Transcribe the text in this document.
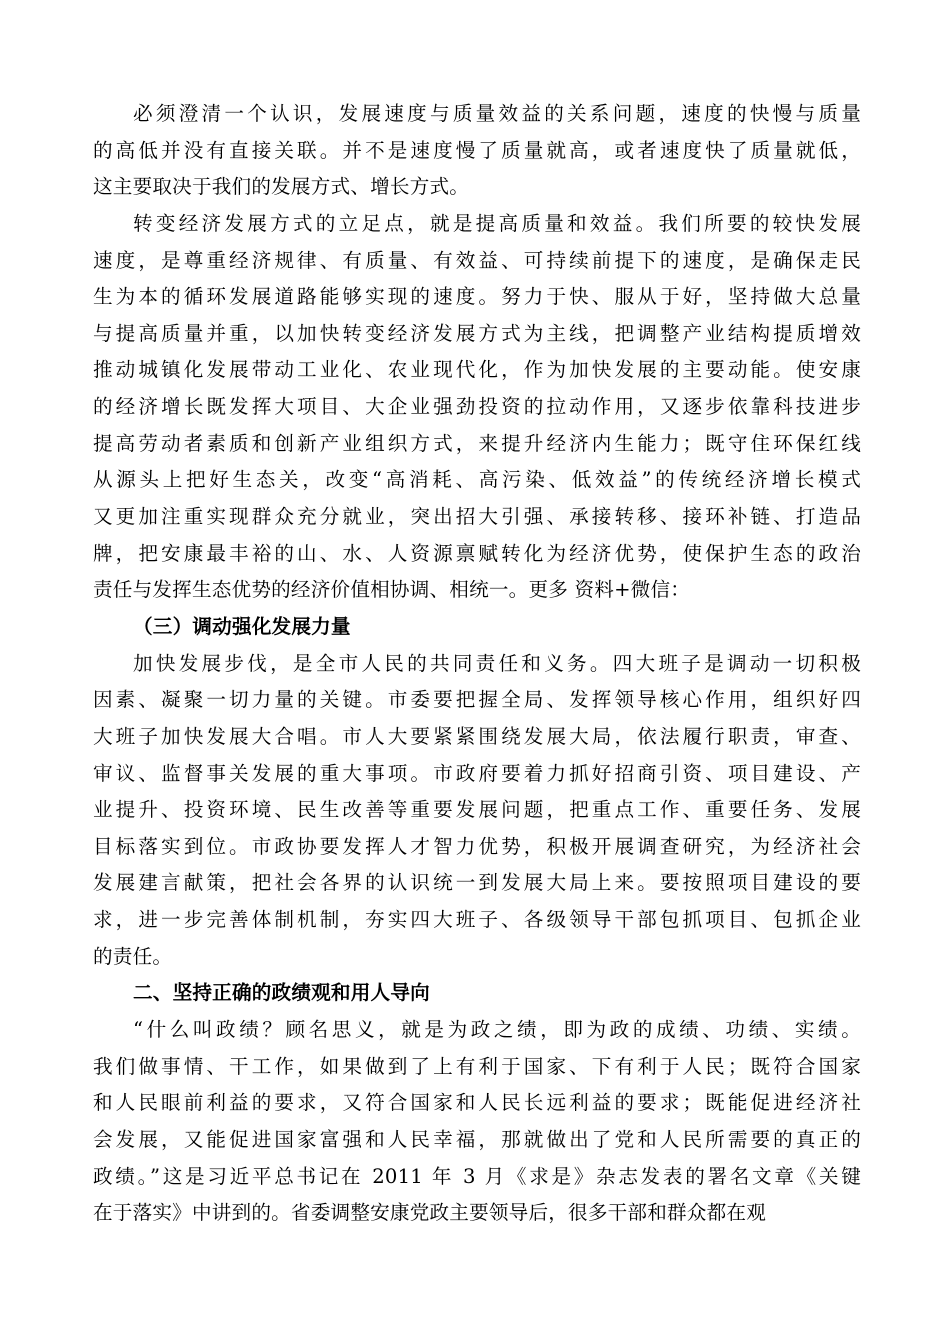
必须澄清一个认识，发展速度与质量效益的关系问题，速度的快慢与质量
的高低并没有直接关联。并不是速度慢了质量就高，或者速度快了质量就低，
这主要取决于我们的发展方式、增长方式。
转变经济发展方式的立足点，就是提高质量和效益。我们所要的较快发展
速度，是尊重经济规律、有质量、有效益、可持续前提下的速度，是确保走民
生为本的循环发展道路能够实现的速度。努力于快、服从于好，坚持做大总量
与提高质量并重，以加快转变经济发展方式为主线，把调整产业结构提质增效
推动城镇化发展带动工业化、农业现代化，作为加快发展的主要动能。使安康
的经济增长既发挥大项目、大企业强劲投资的拉动作用，又逐步依靠科技进步
提高劳动者素质和创新产业组织方式，来提升经济内生能力；既守住环保红线
从源头上把好生态关，改变“高消耗、高污染、低效益”的传统经济增长模式
又更加注重实现群众充分就业，突出招大引强、承接转移、接环补链、打造品
牌，把安康最丰裕的山、水、人资源禀赋转化为经济优势，使保护生态的政治
责任与发挥生态优势的经济价值相协调、相统一。更多 资料+微信：
（三）调动强化发展力量
加快发展步伐，是全市人民的共同责任和义务。四大班子是调动一切积极
因素、凝聚一切力量的关键。市委要把握全局、发挥领导核心作用，组织好四
大班子加快发展大合唱。市人大要紧紧围绕发展大局，依法履行职责，审查、
审议、监督事关发展的重大事项。市政府要着力抓好招商引资、项目建设、产
业提升、投资环境、民生改善等重要发展问题，把重点工作、重要任务、发展
目标落实到位。市政协要发挥人才智力优势，积极开展调查研究，为经济社会
发展建言献策，把社会各界的认识统一到发展大局上来。要按照项目建设的要
求，进一步完善体制机制，夯实四大班子、各级领导干部包抓项目、包抓企业
的责任。
二、坚持正确的政绩观和用人导向
“什么叫政绩？顾名思义，就是为政之绩，即为政的成绩、功绩、实绩。
我们做事情、干工作，如果做到了上有利于国家、下有利于人民；既符合国家
和人民眼前利益的要求，又符合国家和人民长远利益的要求；既能促进经济社
会发展，又能促进国家富强和人民幸福，那就做出了党和人民所需要的真正的
政绩。”这是习近平总书记在 2011 年 3 月《求是》杂志发表的署名文章《关键
在于落实》中讲到的。省委调整安康党政主要领导后，很多干部和群众都在观
